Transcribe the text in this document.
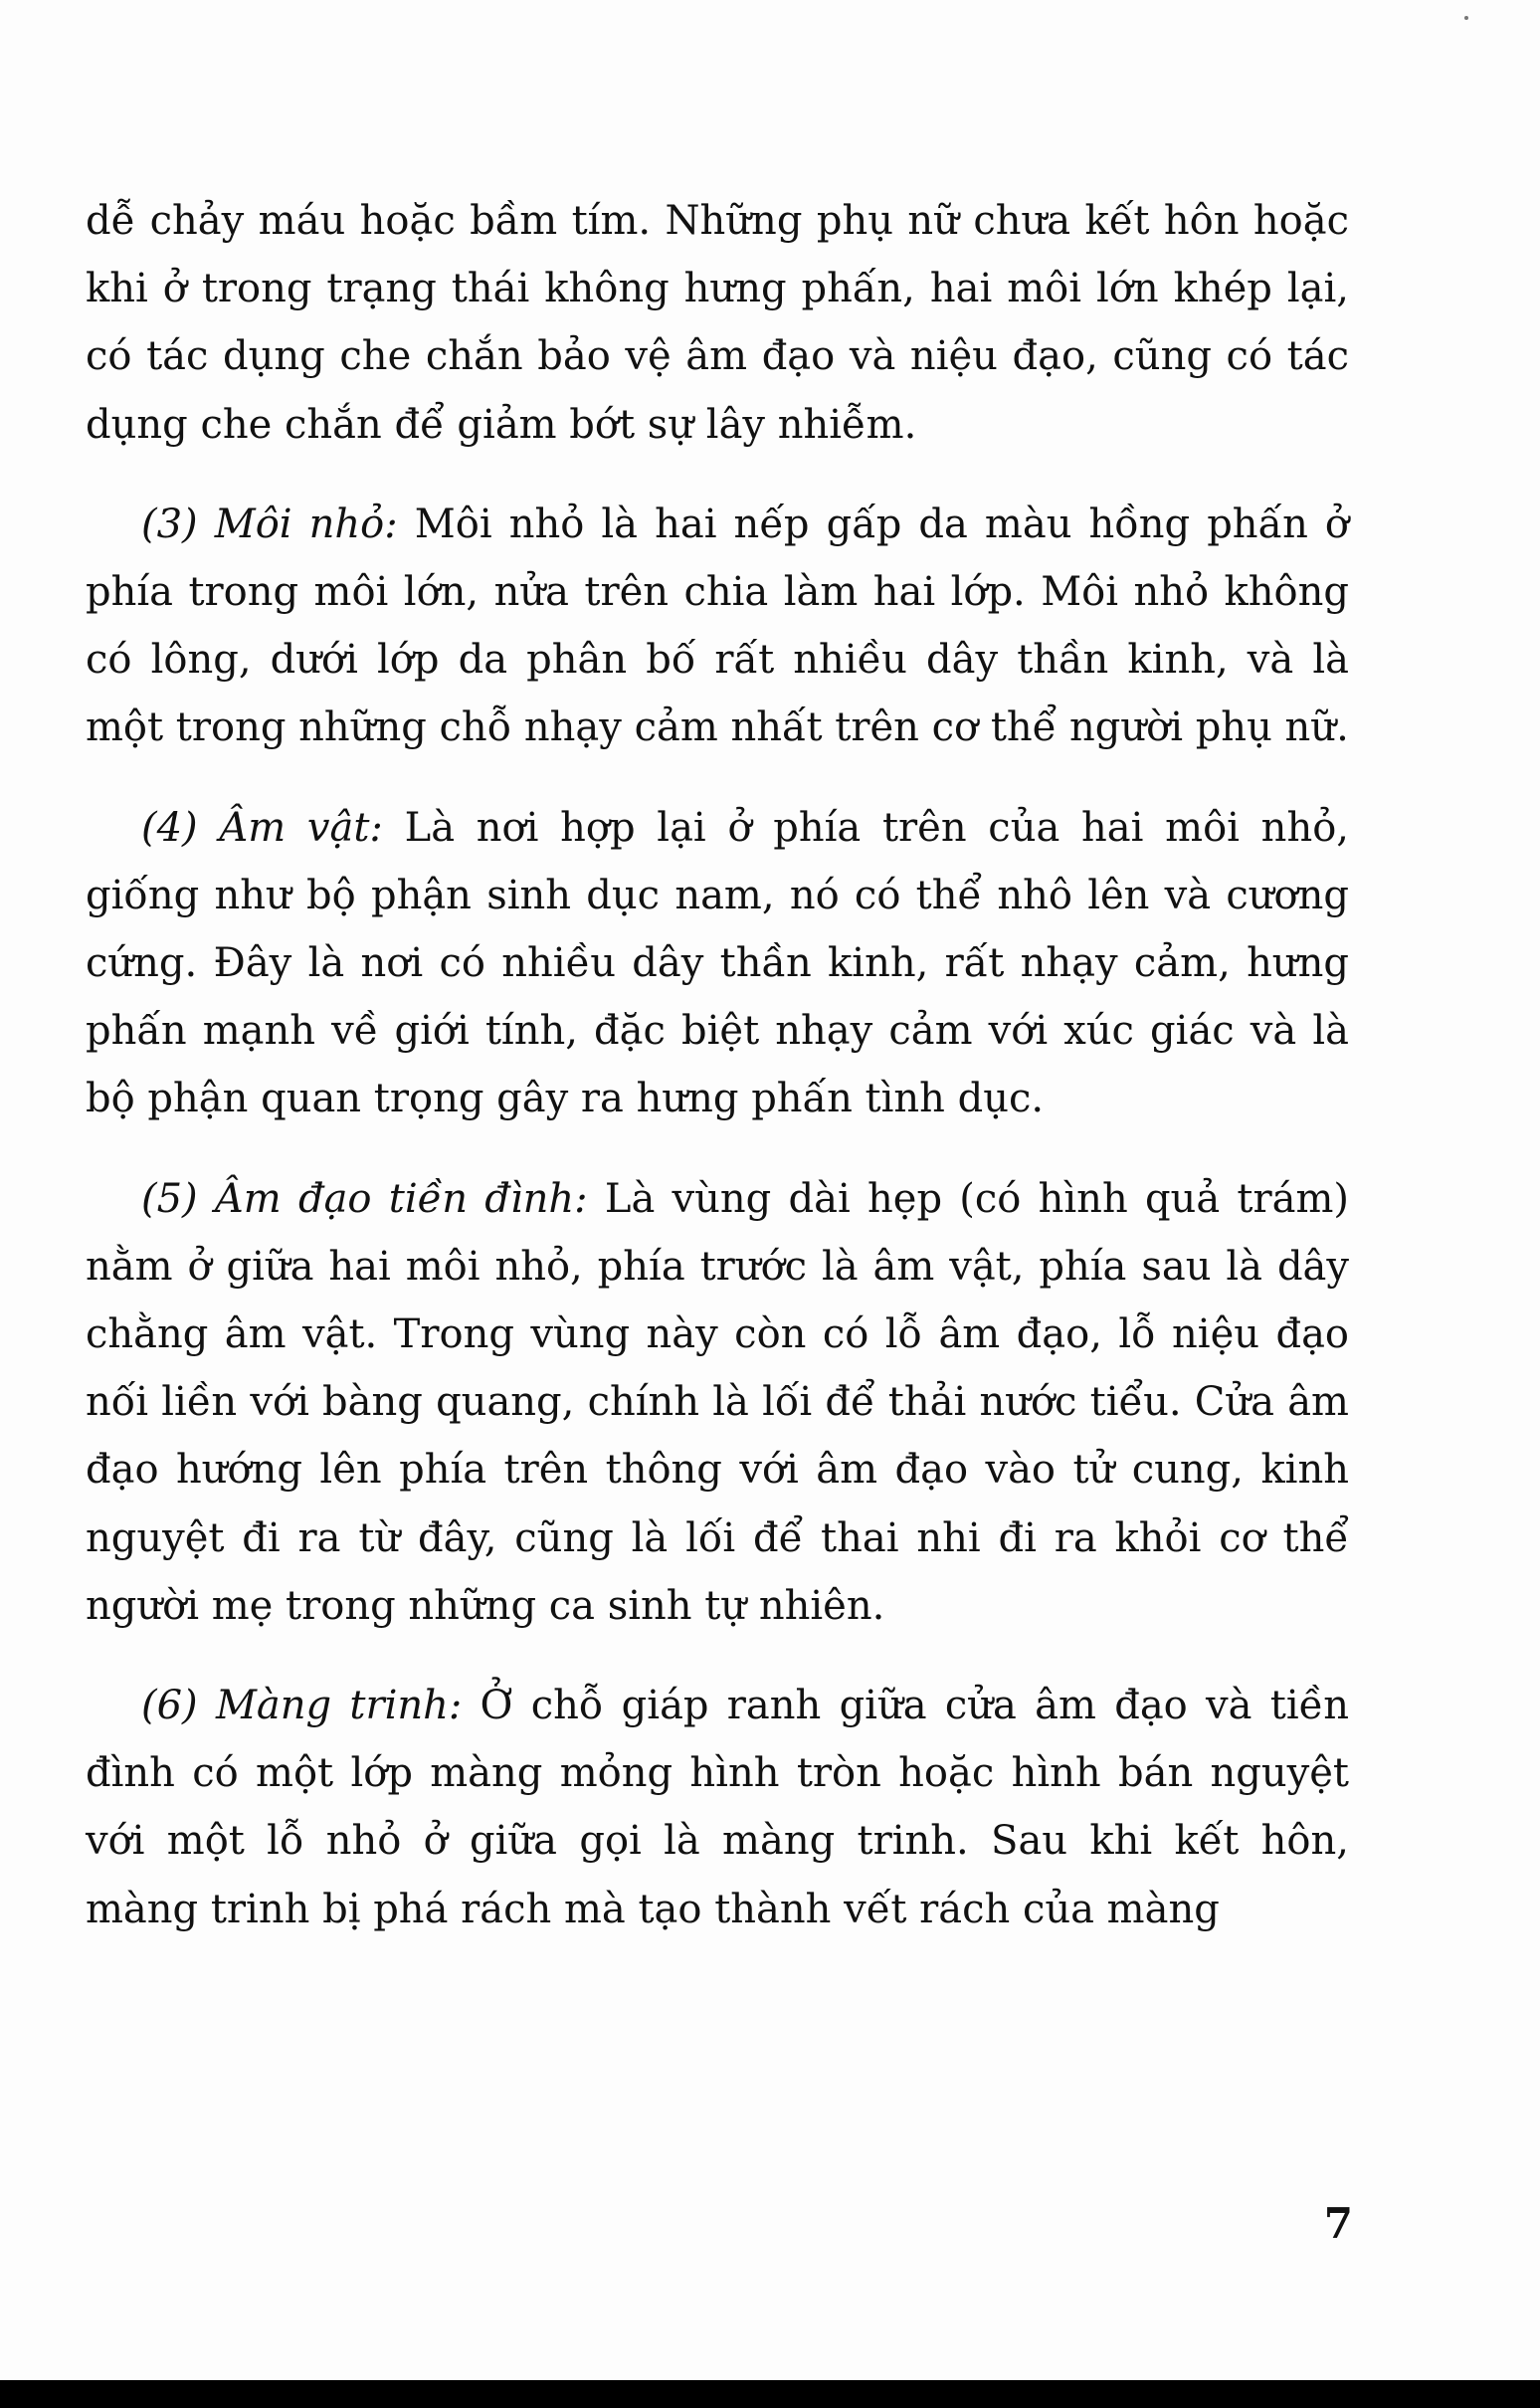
dễ chảy máu hoặc bầm tím. Những phụ nữ chưa kết hôn hoặc khi ở trong trạng thái không hưng phấn, hai môi lớn khép lại, có tác dụng che chắn bảo vệ âm đạo và niệu đạo, cũng có tác dụng che chắn để giảm bớt sự lây nhiễm.

(3) Môi nhỏ: Môi nhỏ là hai nếp gấp da màu hồng phấn ở phía trong môi lớn, nửa trên chia làm hai lớp. Môi nhỏ không có lông, dưới lớp da phân bố rất nhiều dây thần kinh, và là một trong những chỗ nhạy cảm nhất trên cơ thể người phụ nữ.

(4) Âm vật: Là nơi hợp lại ở phía trên của hai môi nhỏ, giống như bộ phận sinh dục nam, nó có thể nhô lên và cương cứng. Đây là nơi có nhiều dây thần kinh, rất nhạy cảm, hưng phấn mạnh về giới tính, đặc biệt nhạy cảm với xúc giác và là bộ phận quan trọng gây ra hưng phấn tình dục.

(5) Âm đạo tiền đình: Là vùng dài hẹp (có hình quả trám) nằm ở giữa hai môi nhỏ, phía trước là âm vật, phía sau là dây chằng âm vật. Trong vùng này còn có lỗ âm đạo, lỗ niệu đạo nối liền với bàng quang, chính là lối để thải nước tiểu. Cửa âm đạo hướng lên phía trên thông với âm đạo vào tử cung, kinh nguyệt đi ra từ đây, cũng là lối để thai nhi đi ra khỏi cơ thể người mẹ trong những ca sinh tự nhiên.

(6) Màng trinh: Ở chỗ giáp ranh giữa cửa âm đạo và tiền đình có một lớp màng mỏng hình tròn hoặc hình bán nguyệt với một lỗ nhỏ ở giữa gọi là màng trinh. Sau khi kết hôn, màng trinh bị phá rách mà tạo thành vết rách của màng

7
